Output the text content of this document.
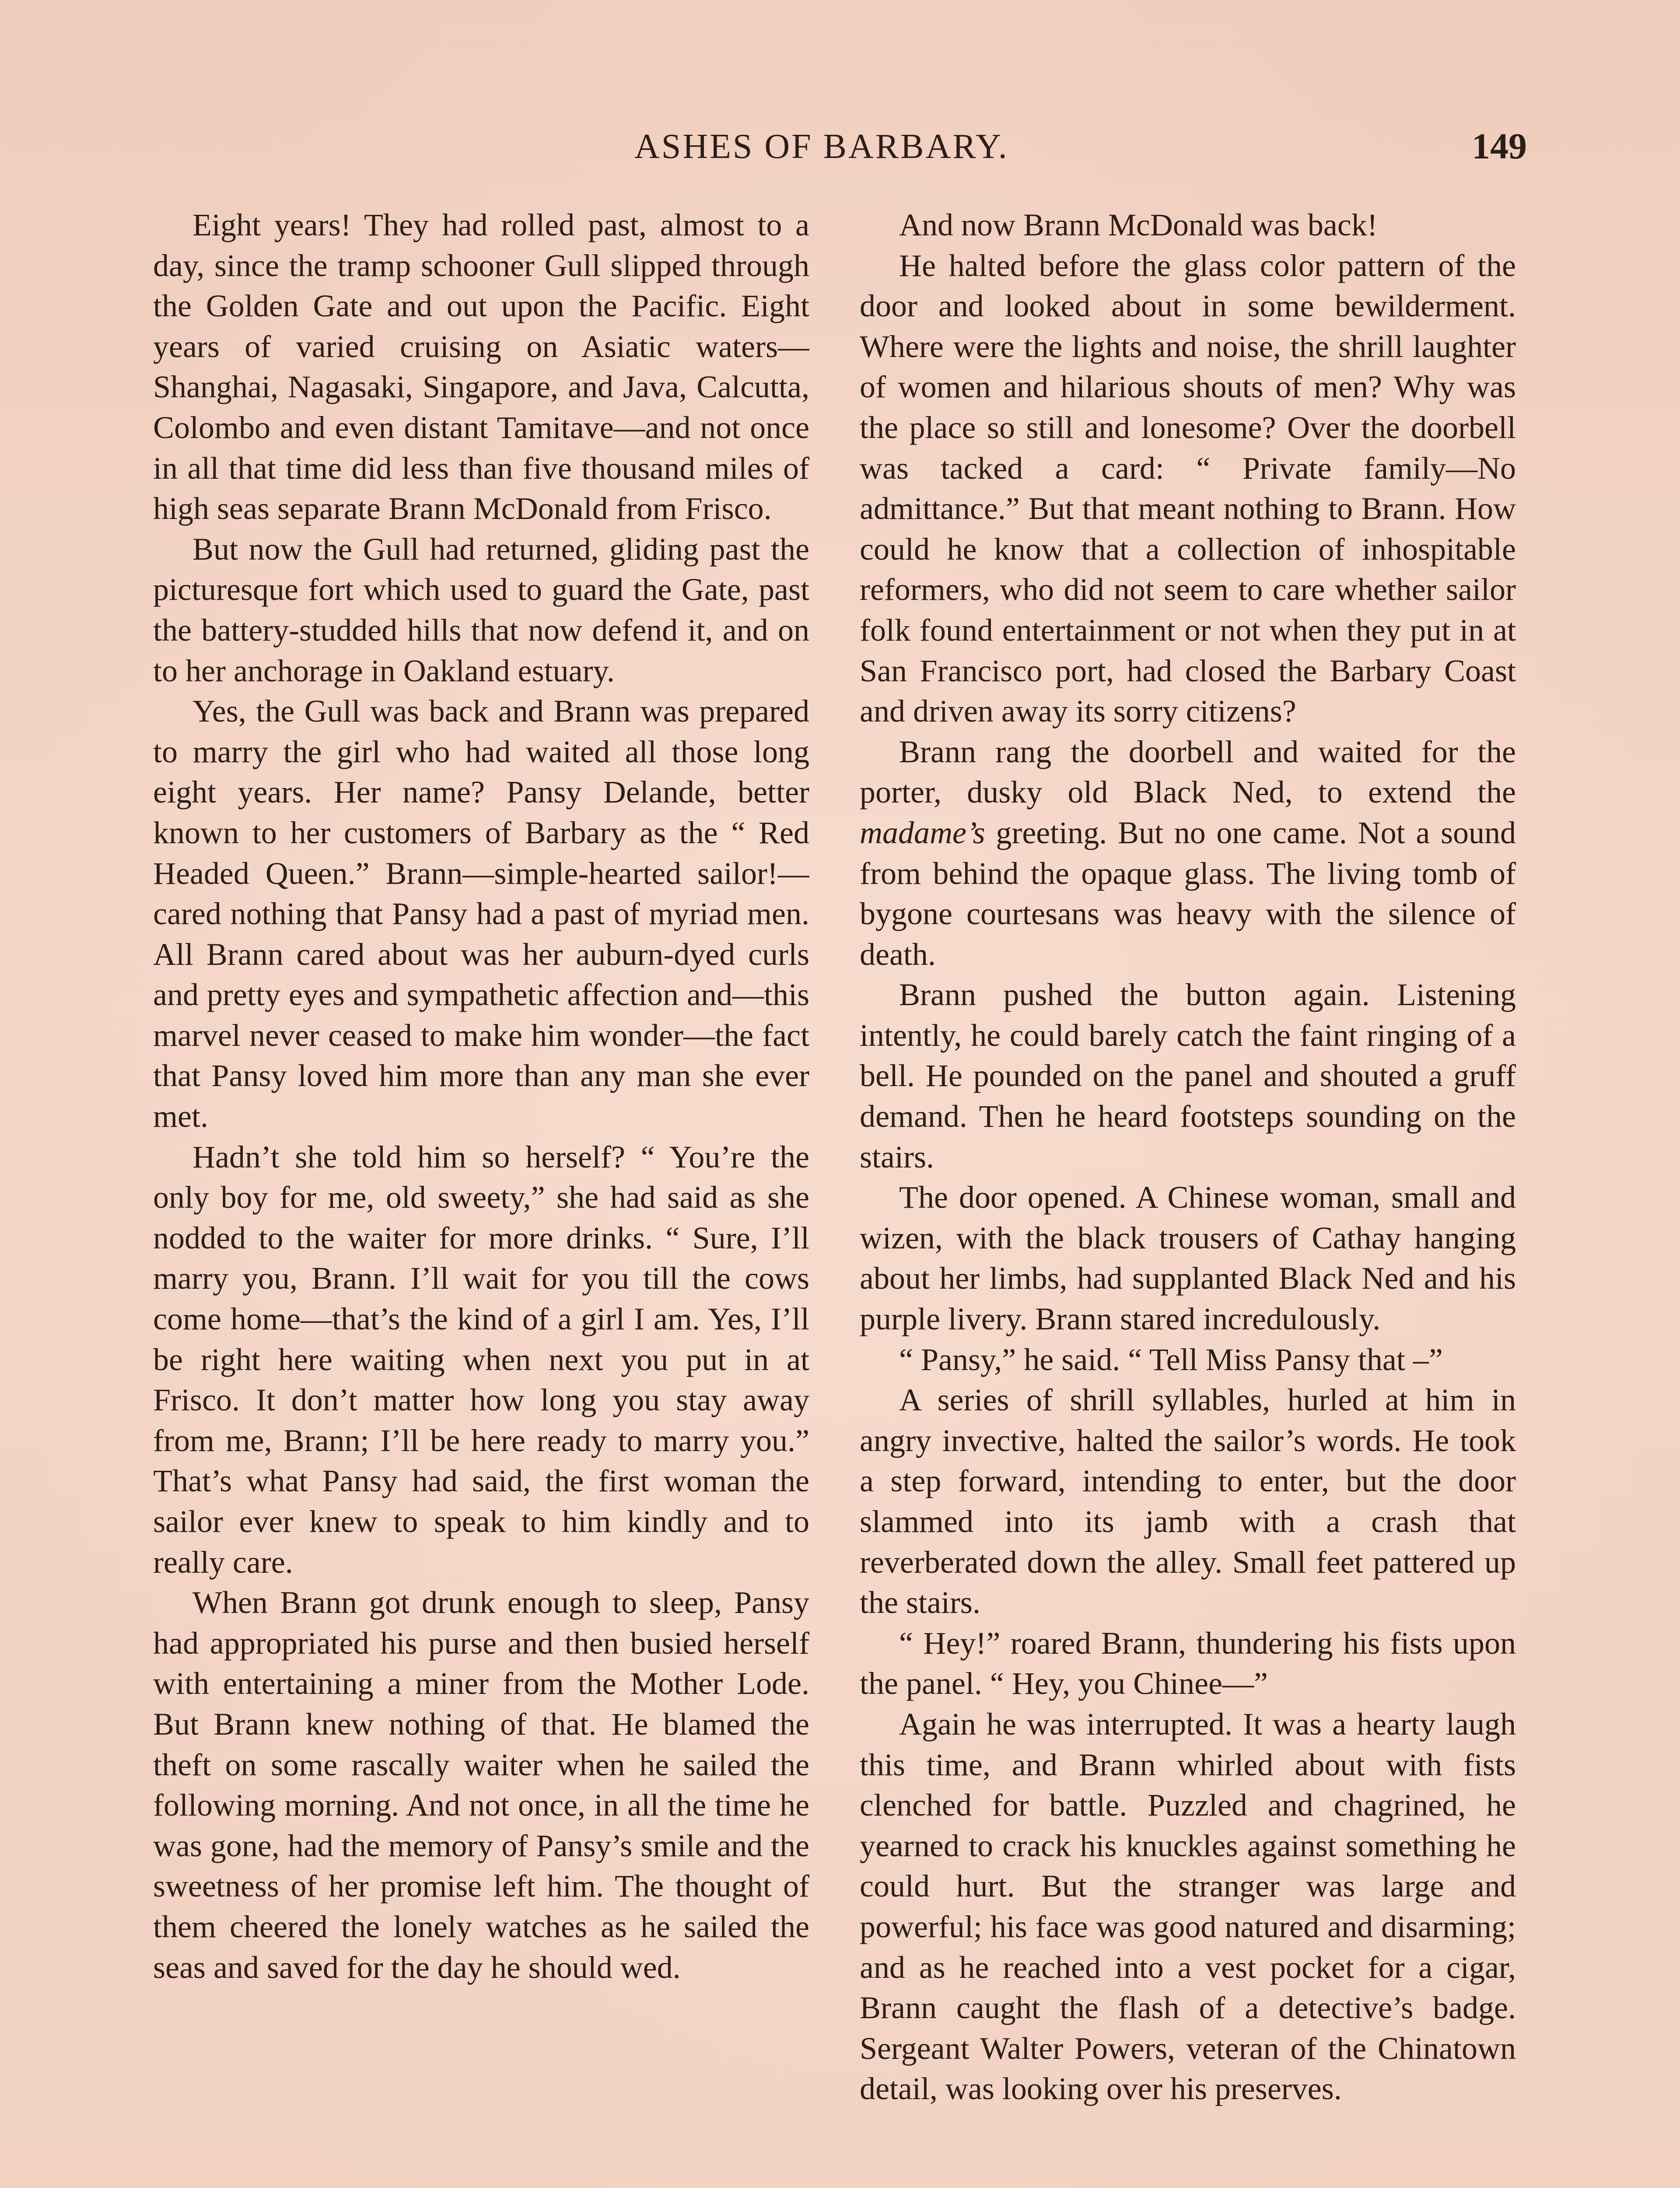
ASHES OF BARBARY.	149

Eight years! They had rolled past, almost to a day, since the tramp schooner Gull slipped through the Golden Gate and out upon the Pacific. Eight years of varied cruising on Asiatic waters—Shanghai, Nagasaki, Singapore, and Java, Calcutta, Colombo and even distant Tamitave—and not once in all that time did less than five thousand miles of high seas separate Brann McDonald from Frisco.

But now the Gull had returned, gliding past the picturesque fort which used to guard the Gate, past the battery-studded hills that now defend it, and on to her anchorage in Oakland estuary.

Yes, the Gull was back and Brann was prepared to marry the girl who had waited all those long eight years. Her name? Pansy Delande, better known to her customers of Barbary as the “ Red Headed Queen.” Brann—simple-hearted sailor!—cared nothing that Pansy had a past of myriad men. All Brann cared about was her auburn-dyed curls and pretty eyes and sympathetic affection and—this marvel never ceased to make him wonder—the fact that Pansy loved him more than any man she ever met.

Hadn’t she told him so herself? “ You’re the only boy for me, old sweety,” she had said as she nodded to the waiter for more drinks. “ Sure, I’ll marry you, Brann. I’ll wait for you till the cows come home—that’s the kind of a girl I am. Yes, I’ll be right here waiting when next you put in at Frisco. It don’t matter how long you stay away from me, Brann; I’ll be here ready to marry you.” That’s what Pansy had said, the first woman the sailor ever knew to speak to him kindly and to really care.

When Brann got drunk enough to sleep, Pansy had appropriated his purse and then busied herself with entertaining a miner from the Mother Lode. But Brann knew nothing of that. He blamed the theft on some rascally waiter when he sailed the following morning. And not once, in all the time he was gone, had the memory of Pansy’s smile and the sweetness of her promise left him. The thought of them cheered the lonely watches as he sailed the seas and saved for the day he should wed.

And now Brann McDonald was back!

He halted before the glass color pattern of the door and looked about in some bewilderment. Where were the lights and noise, the shrill laughter of women and hilarious shouts of men? Why was the place so still and lonesome? Over the doorbell was tacked a card: “ Private family—No admittance.” But that meant nothing to Brann. How could he know that a collection of inhospitable reformers, who did not seem to care whether sailor folk found entertainment or not when they put in at San Francisco port, had closed the Barbary Coast and driven away its sorry citizens?

Brann rang the doorbell and waited for the porter, dusky old Black Ned, to extend the madame’s greeting. But no one came. Not a sound from behind the opaque glass. The living tomb of bygone courtesans was heavy with the silence of death.

Brann pushed the button again. Listening intently, he could barely catch the faint ringing of a bell. He pounded on the panel and shouted a gruff demand. Then he heard footsteps sounding on the stairs.

The door opened. A Chinese woman, small and wizen, with the black trousers of Cathay hanging about her limbs, had supplanted Black Ned and his purple livery. Brann stared incredulously.

“ Pansy,” he said. “ Tell Miss Pansy that –”

A series of shrill syllables, hurled at him in angry invective, halted the sailor’s words. He took a step forward, intending to enter, but the door slammed into its jamb with a crash that reverberated down the alley. Small feet pattered up the stairs.

“ Hey!” roared Brann, thundering his fists upon the panel. “ Hey, you Chinee—”

Again he was interrupted. It was a hearty laugh this time, and Brann whirled about with fists clenched for battle. Puzzled and chagrined, he yearned to crack his knuckles against something he could hurt. But the stranger was large and powerful; his face was good natured and disarming; and as he reached into a vest pocket for a cigar, Brann caught the flash of a detective’s badge. Sergeant Walter Powers, veteran of the Chinatown detail, was looking over his preserves.
